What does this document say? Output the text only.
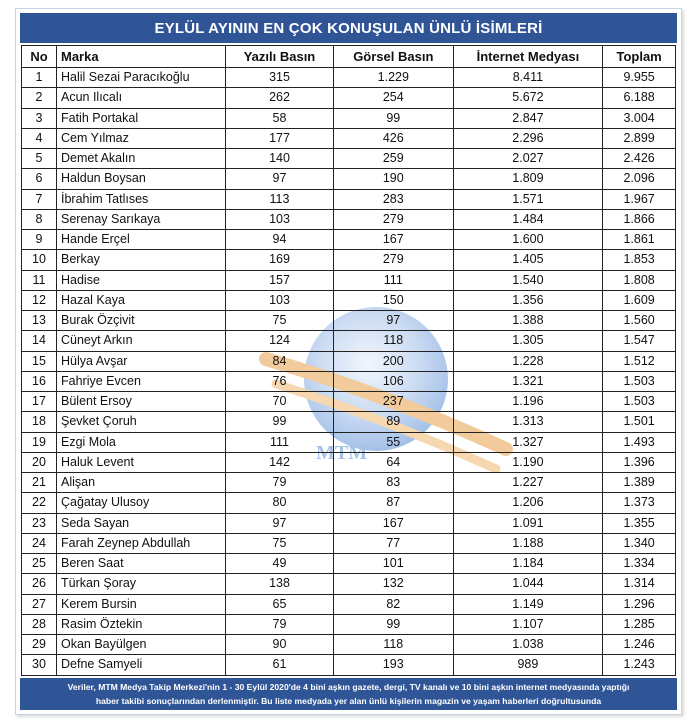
EYLÜL AYININ EN ÇOK KONUŞULAN ÜNLÜ İSİMLERİ
MTM
No	Marka	Yazılı Basın	Görsel Basın	İnternet Medyası	Toplam
1	Halil Sezai Paracıkoğlu	315	1.229	8.411	9.955
2	Acun Ilıcalı	262	254	5.672	6.188
3	Fatih Portakal	58	99	2.847	3.004
4	Cem Yılmaz	177	426	2.296	2.899
5	Demet Akalın	140	259	2.027	2.426
6	Haldun Boysan	97	190	1.809	2.096
7	İbrahim Tatlıses	113	283	1.571	1.967
8	Serenay Sarıkaya	103	279	1.484	1.866
9	Hande Erçel	94	167	1.600	1.861
10	Berkay	169	279	1.405	1.853
11	Hadise	157	111	1.540	1.808
12	Hazal Kaya	103	150	1.356	1.609
13	Burak Özçivit	75	97	1.388	1.560
14	Cüneyt Arkın	124	118	1.305	1.547
15	Hülya Avşar	84	200	1.228	1.512
16	Fahriye Evcen	76	106	1.321	1.503
17	Bülent Ersoy	70	237	1.196	1.503
18	Şevket Çoruh	99	89	1.313	1.501
19	Ezgi Mola	111	55	1.327	1.493
20	Haluk Levent	142	64	1.190	1.396
21	Alişan	79	83	1.227	1.389
22	Çağatay Ulusoy	80	87	1.206	1.373
23	Seda Sayan	97	167	1.091	1.355
24	Farah Zeynep Abdullah	75	77	1.188	1.340
25	Beren Saat	49	101	1.184	1.334
26	Türkan Şoray	138	132	1.044	1.314
27	Kerem Bursin	65	82	1.149	1.296
28	Rasim Öztekin	79	99	1.107	1.285
29	Okan Bayülgen	90	118	1.038	1.246
30	Defne Samyeli	61	193	989	1.243
Veriler, MTM Medya Takip Merkezi'nin 1 - 30 Eylül 2020'de 4 bini aşkın gazete, dergi, TV kanalı ve 10 bini aşkın internet medyasında yaptığı
haber takibi sonuçlarından derlenmiştir. Bu liste medyada yer alan ünlü kişilerin magazin ve yaşam haberleri doğrultusunda
